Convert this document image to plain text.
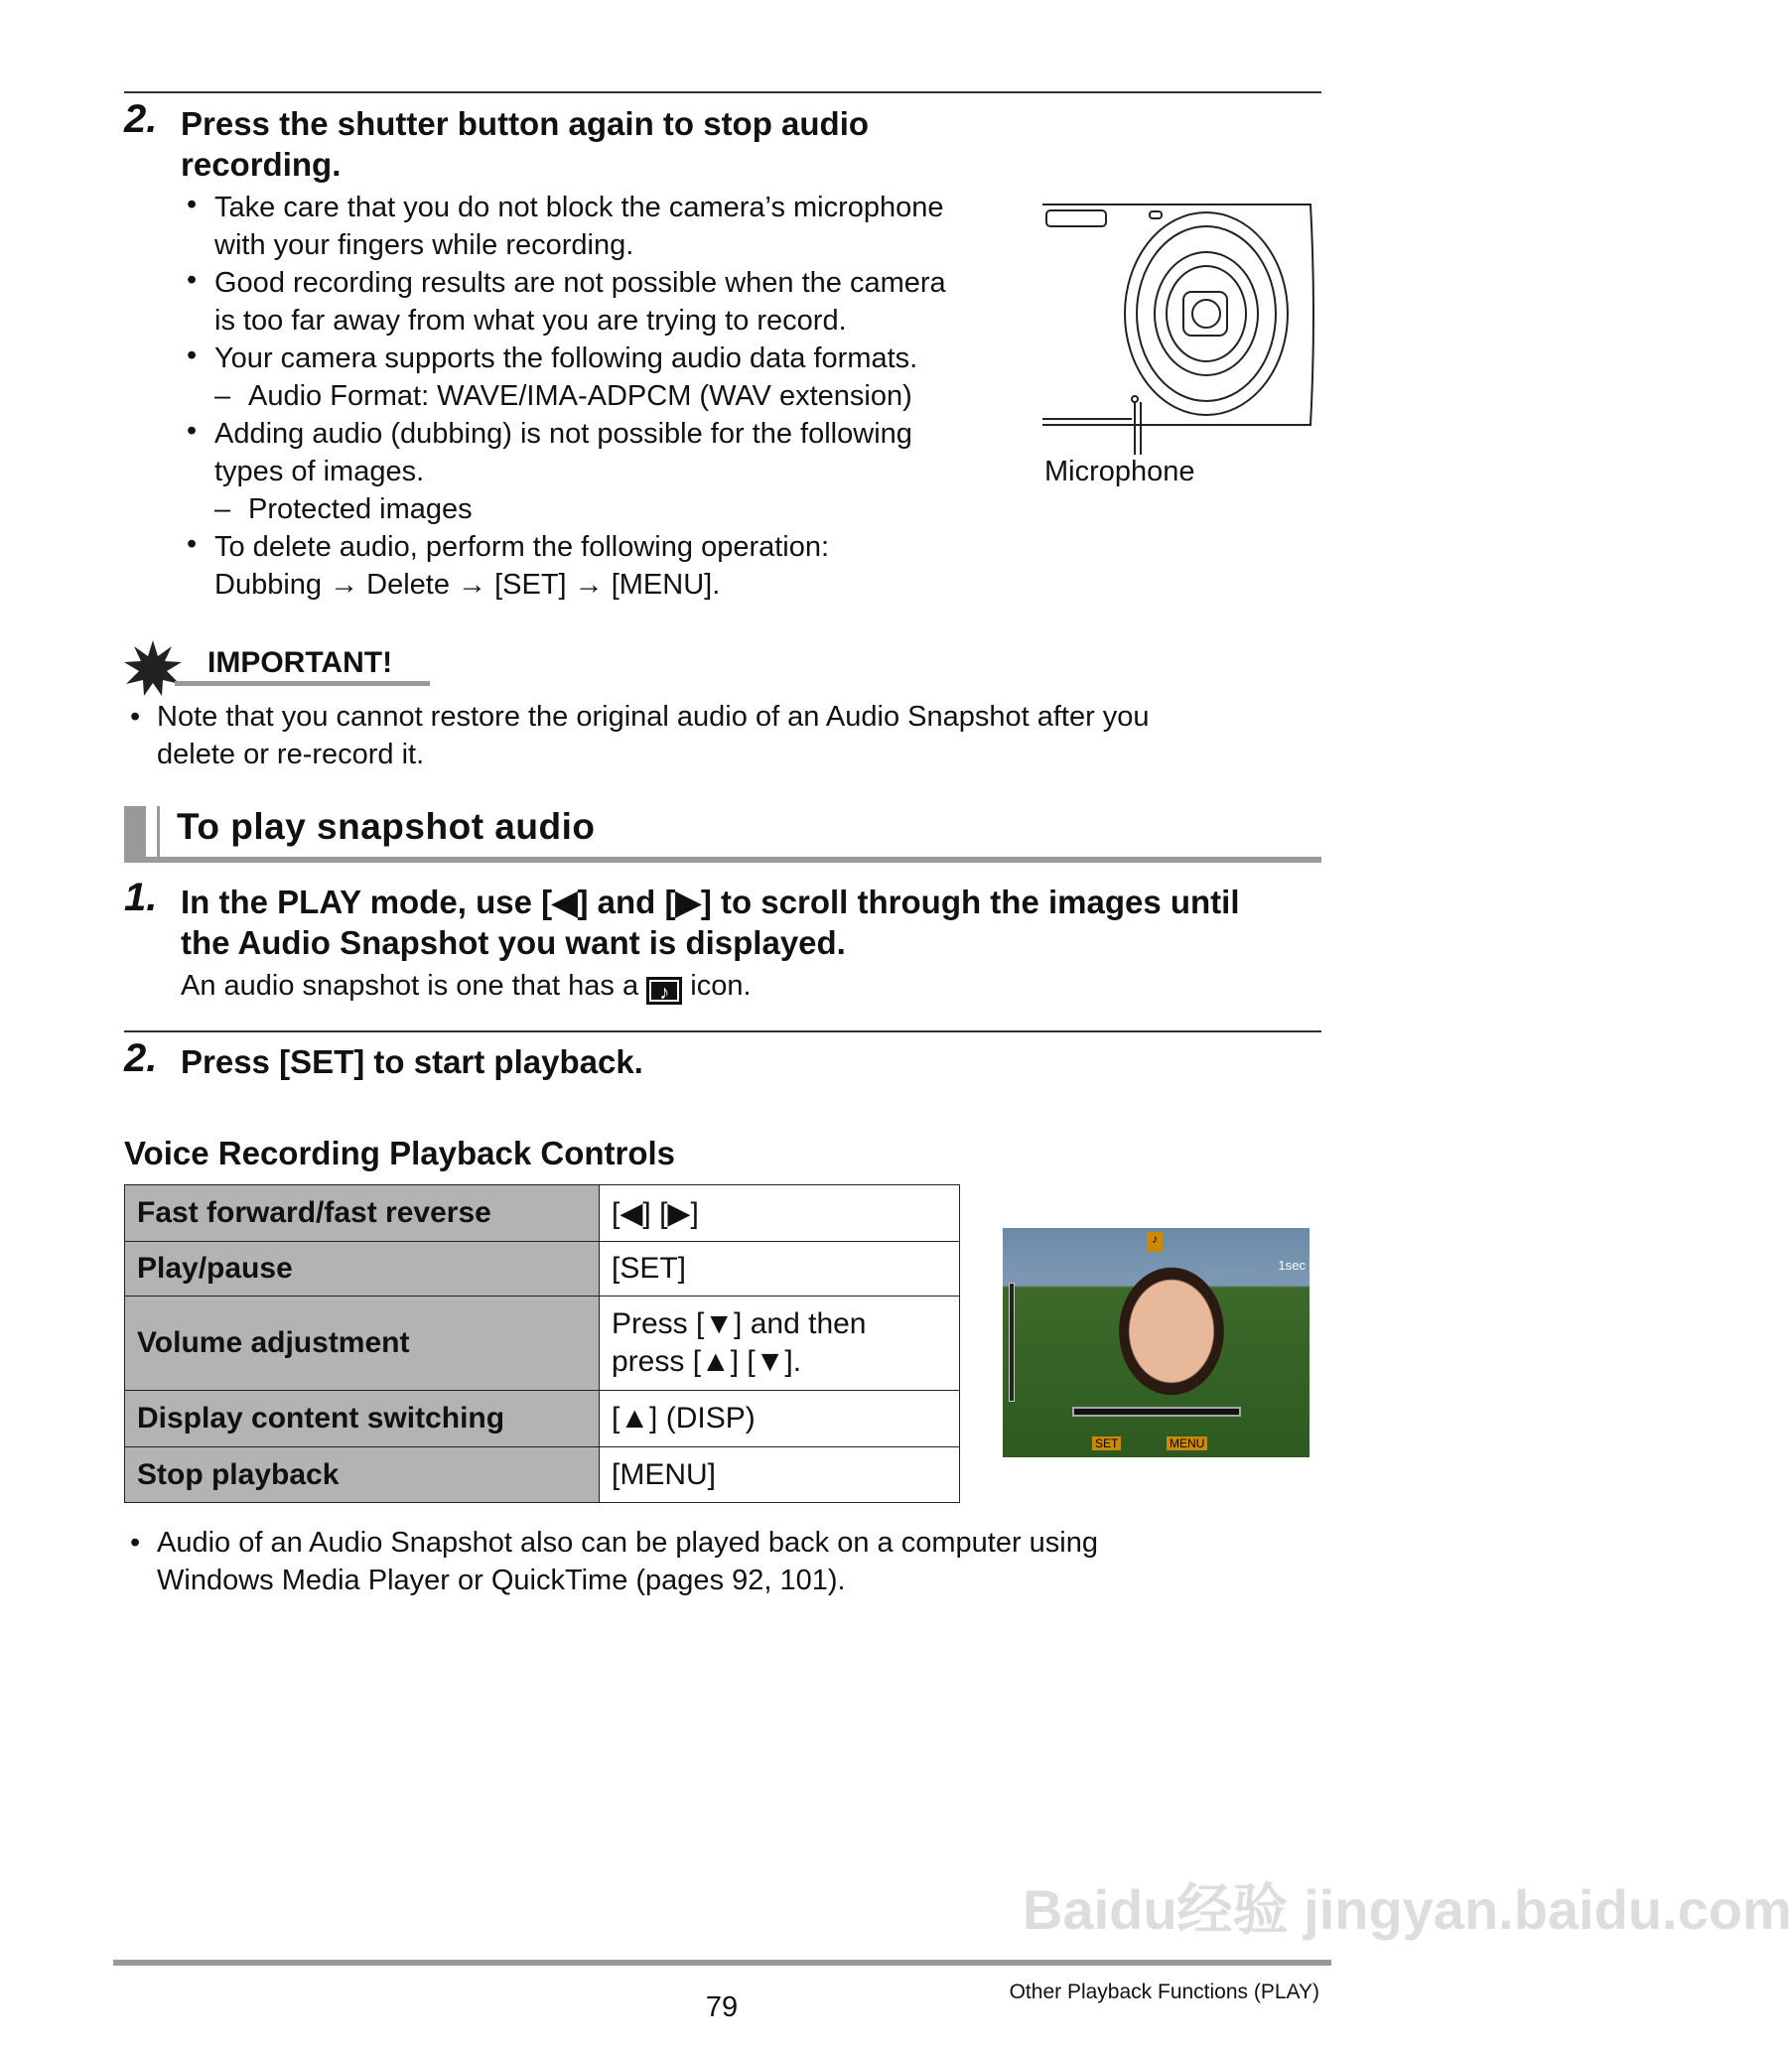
2. Press the shutter button again to stop audio
recording.
• Take care that you do not block the camera’s microphone
with your fingers while recording.
• Good recording results are not possible when the camera
is too far away from what you are trying to record.
• Your camera supports the following audio data formats.
– Audio Format: WAVE/IMA-ADPCM (WAV extension)
• Adding audio (dubbing) is not possible for the following
types of images.
– Protected images
• To delete audio, perform the following operation:
Dubbing → Delete → [SET] → [MENU].
Microphone
IMPORTANT!
• Note that you cannot restore the original audio of an Audio Snapshot after you
delete or re-record it.
To play snapshot audio
1. In the PLAY mode, use [◀] and [▶] to scroll through the images until
the Audio Snapshot you want is displayed.
An audio snapshot is one that has a ♪ icon.
2. Press [SET] to start playback.
Voice Recording Playback Controls
Fast forward/fast reverse	[◀] [▶]
Play/pause	[SET]
Volume adjustment	Press [▼] and then
press [▲] [▼].

Display content switching	[▲] (DISP)
Stop playback	[MENU]
♪
1sec
SET	MENU
• Audio of an Audio Snapshot also can be played back on a computer using
Windows Media Player or QuickTime (pages 92, 101).
Baidu经验 jingyan.baidu.com
79	Other Playback Functions (PLAY)
